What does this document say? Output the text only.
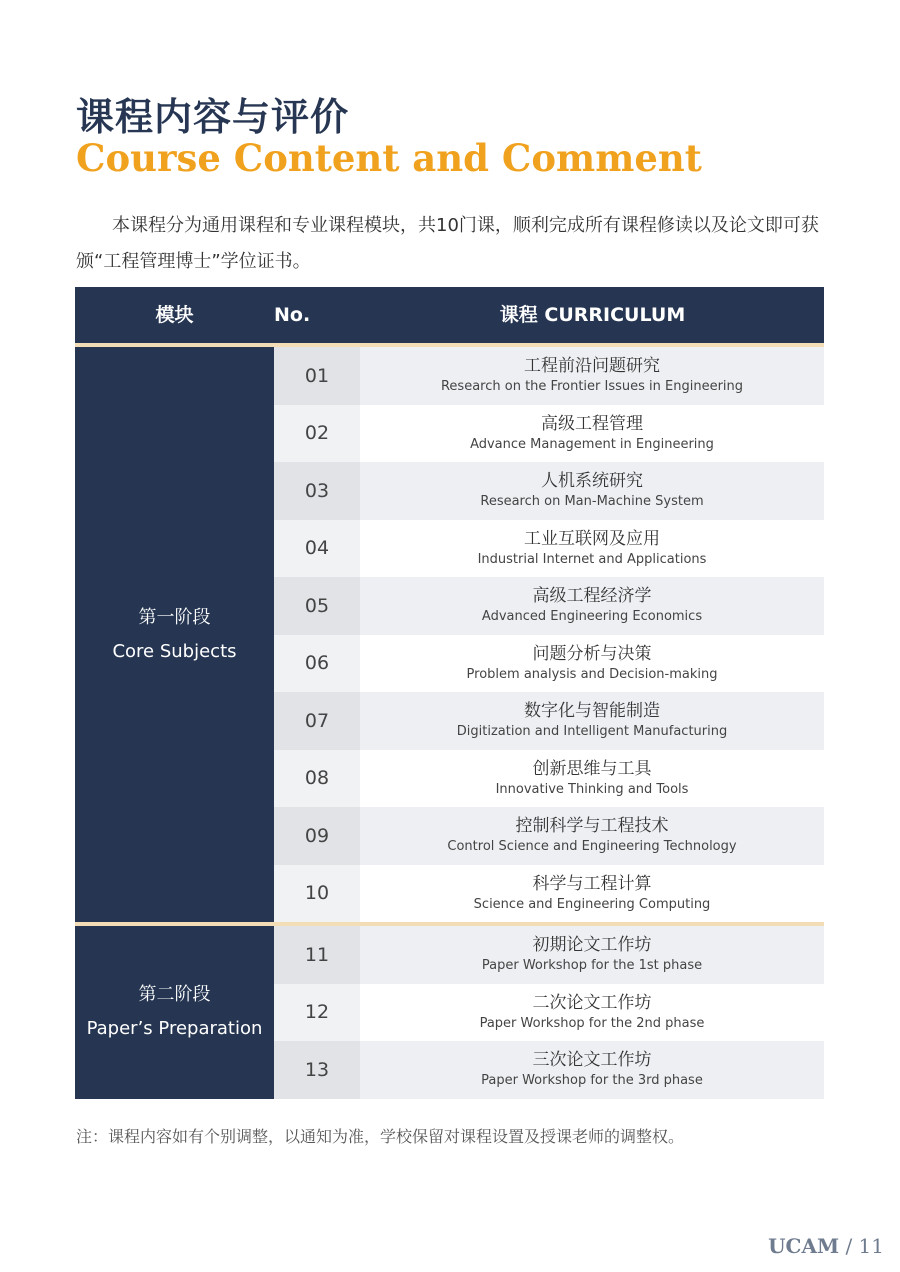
课程内容与评价
Course Content and Comment

本课程分为通用课程和专业课程模块，共10门课，顺利完成所有课程修读以及论文即可获颁“工程管理博士”学位证书。

模块	No.	课程 CURRICULUM
第一阶段
Core Subjects
01	工程前沿问题研究
Research on the Frontier Issues in Engineering
02	高级工程管理
Advance Management in Engineering
03	人机系统研究
Research on Man-Machine System
04	工业互联网及应用
Industrial Internet and Applications
05	高级工程经济学
Advanced Engineering Economics
06	问题分析与决策
Problem analysis and Decision-making
07	数字化与智能制造
Digitization and Intelligent Manufacturing
08	创新思维与工具
Innovative Thinking and Tools
09	控制科学与工程技术
Control Science and Engineering Technology
10	科学与工程计算
Science and Engineering Computing
第二阶段
Paper’s Preparation
11	初期论文工作坊
Paper Workshop for the 1st phase
12	二次论文工作坊
Paper Workshop for the 2nd phase
13	三次论文工作坊
Paper Workshop for the 3rd phase

注：课程内容如有个别调整，以通知为准，学校保留对课程设置及授课老师的调整权。

UCAM / 11
